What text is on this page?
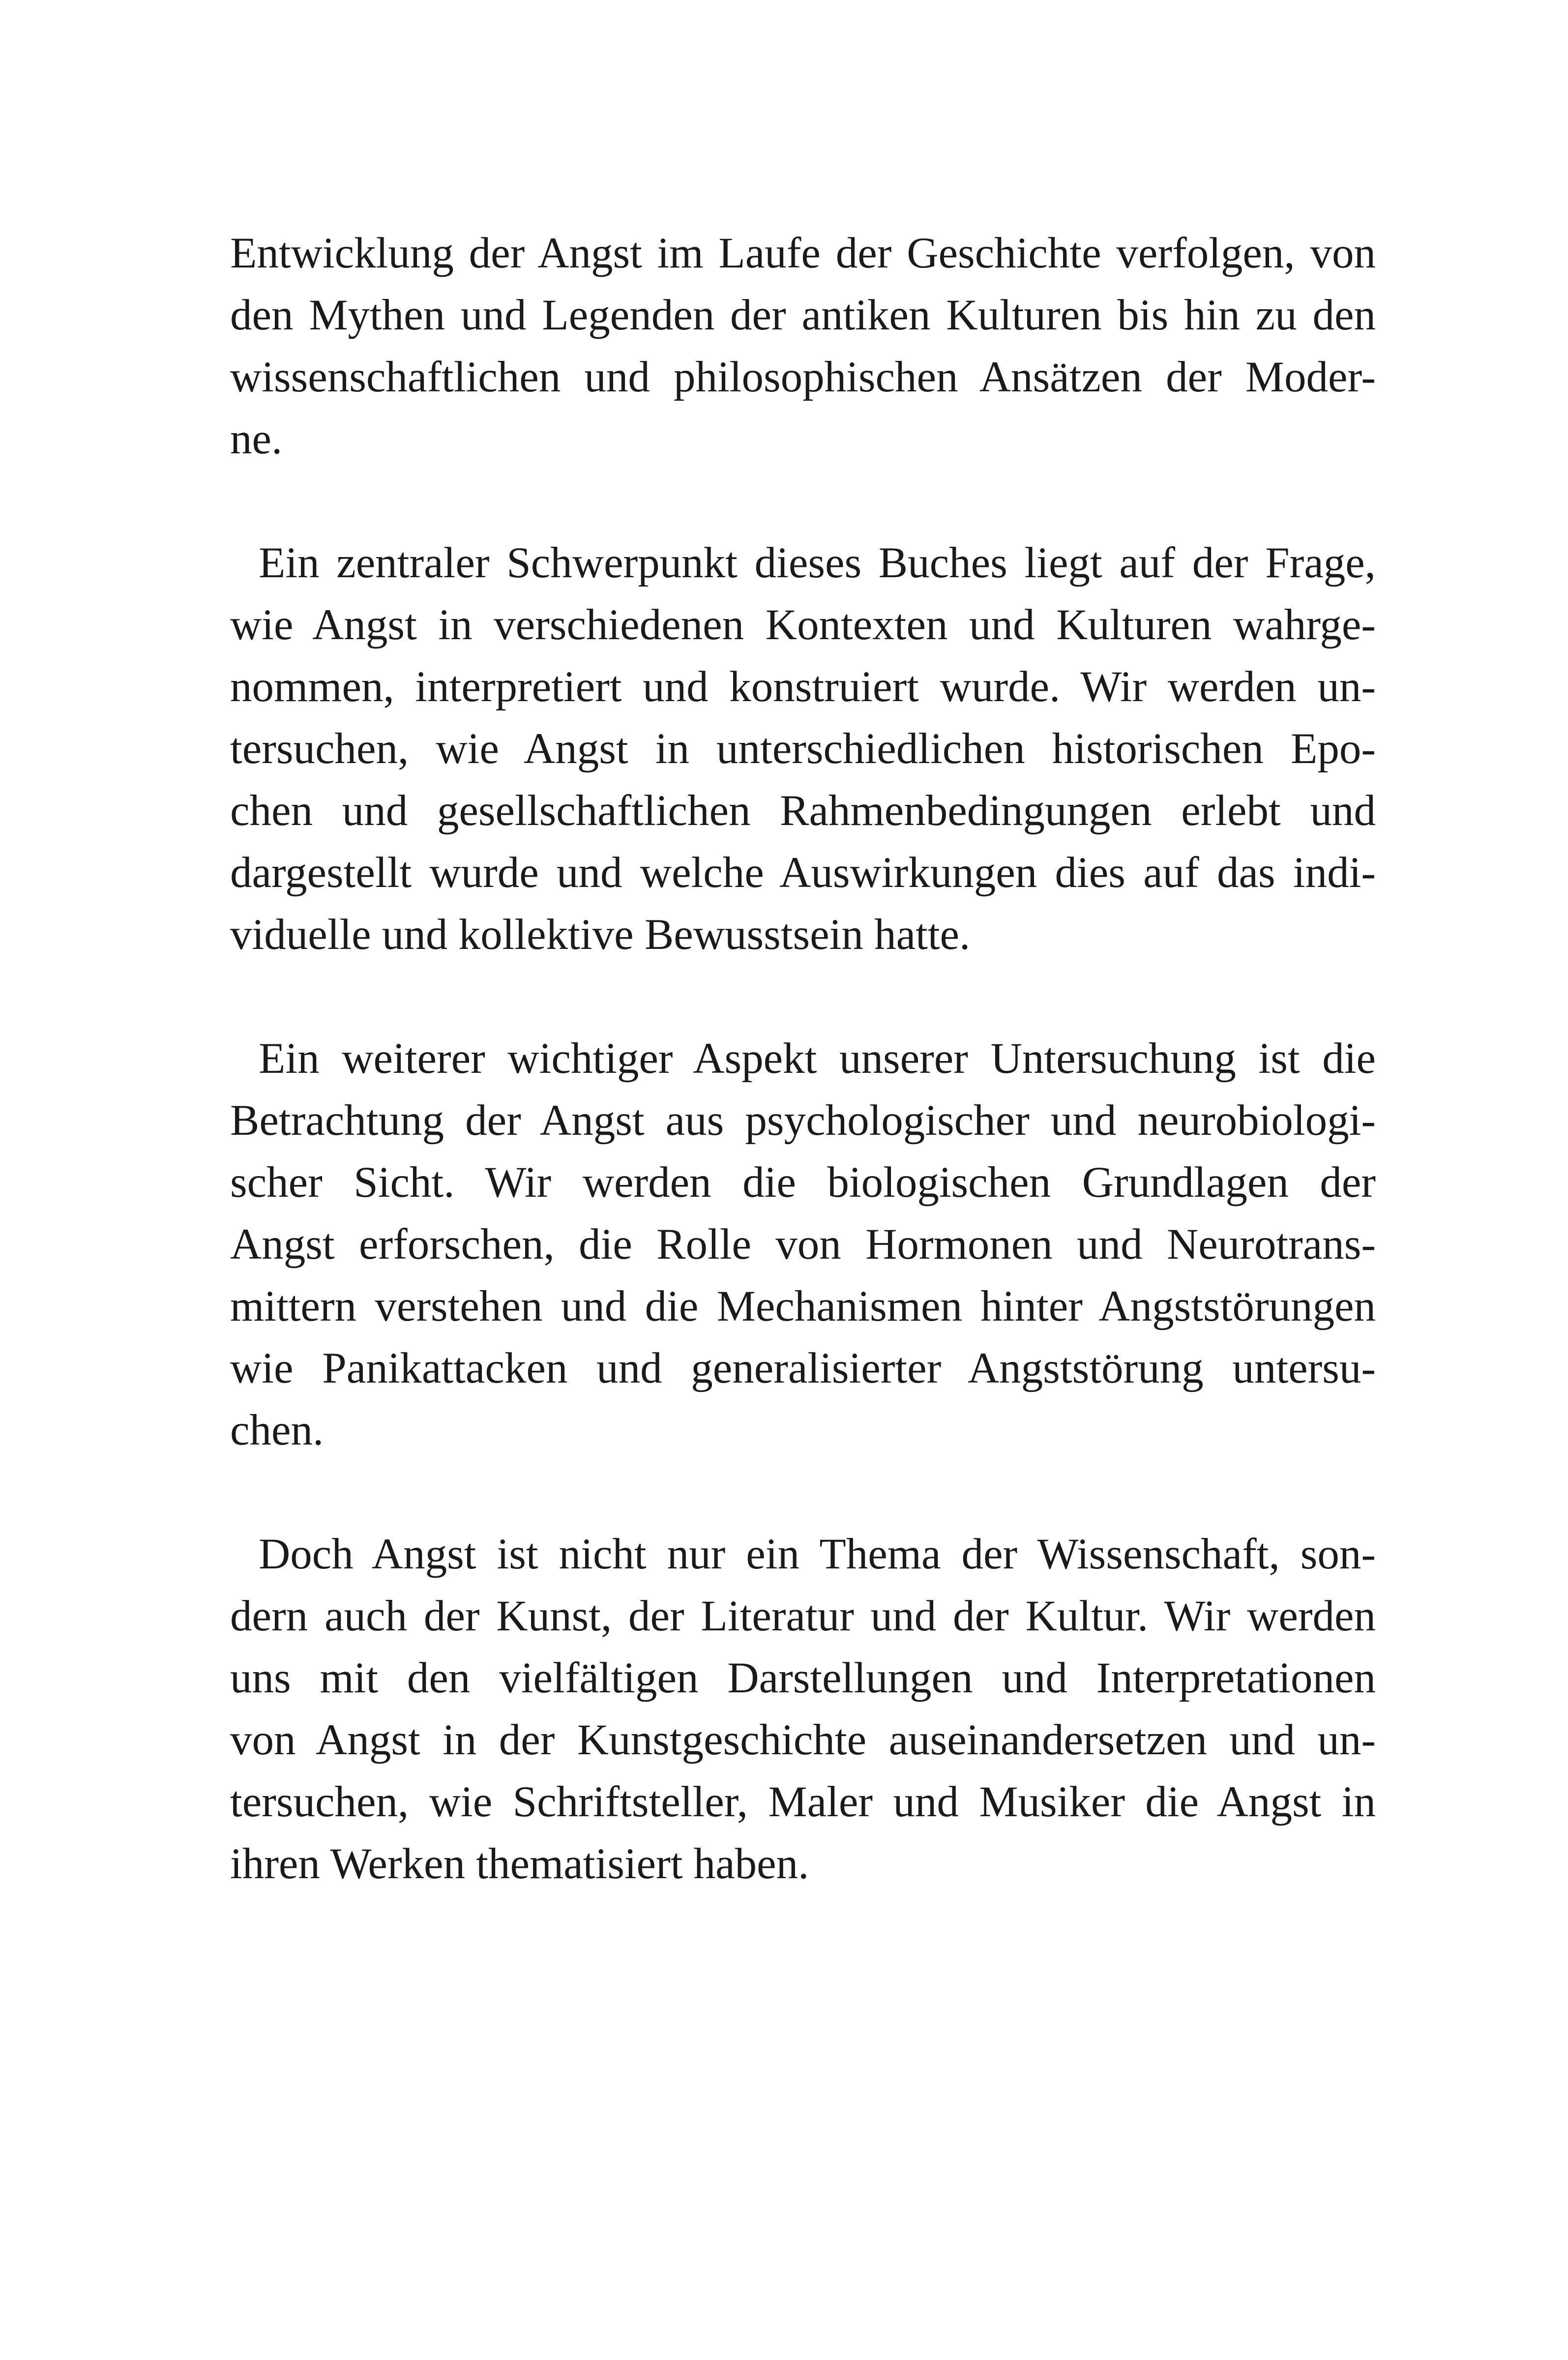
Entwicklung der Angst im Laufe der Geschichte verfolgen, von
den Mythen und Legenden der antiken Kulturen bis hin zu den
wissenschaftlichen und philosophischen Ansätzen der Moder-
ne.
Ein zentraler Schwerpunkt dieses Buches liegt auf der Frage,
wie Angst in verschiedenen Kontexten und Kulturen wahrge-
nommen, interpretiert und konstruiert wurde. Wir werden un-
tersuchen, wie Angst in unterschiedlichen historischen Epo-
chen und gesellschaftlichen Rahmenbedingungen erlebt und
dargestellt wurde und welche Auswirkungen dies auf das indi-
viduelle und kollektive Bewusstsein hatte.
Ein weiterer wichtiger Aspekt unserer Untersuchung ist die
Betrachtung der Angst aus psychologischer und neurobiologi-
scher Sicht. Wir werden die biologischen Grundlagen der
Angst erforschen, die Rolle von Hormonen und Neurotrans-
mittern verstehen und die Mechanismen hinter Angststörungen
wie Panikattacken und generalisierter Angststörung untersu-
chen.
Doch Angst ist nicht nur ein Thema der Wissenschaft, son-
dern auch der Kunst, der Literatur und der Kultur. Wir werden
uns mit den vielfältigen Darstellungen und Interpretationen
von Angst in der Kunstgeschichte auseinandersetzen und un-
tersuchen, wie Schriftsteller, Maler und Musiker die Angst in
ihren Werken thematisiert haben.
